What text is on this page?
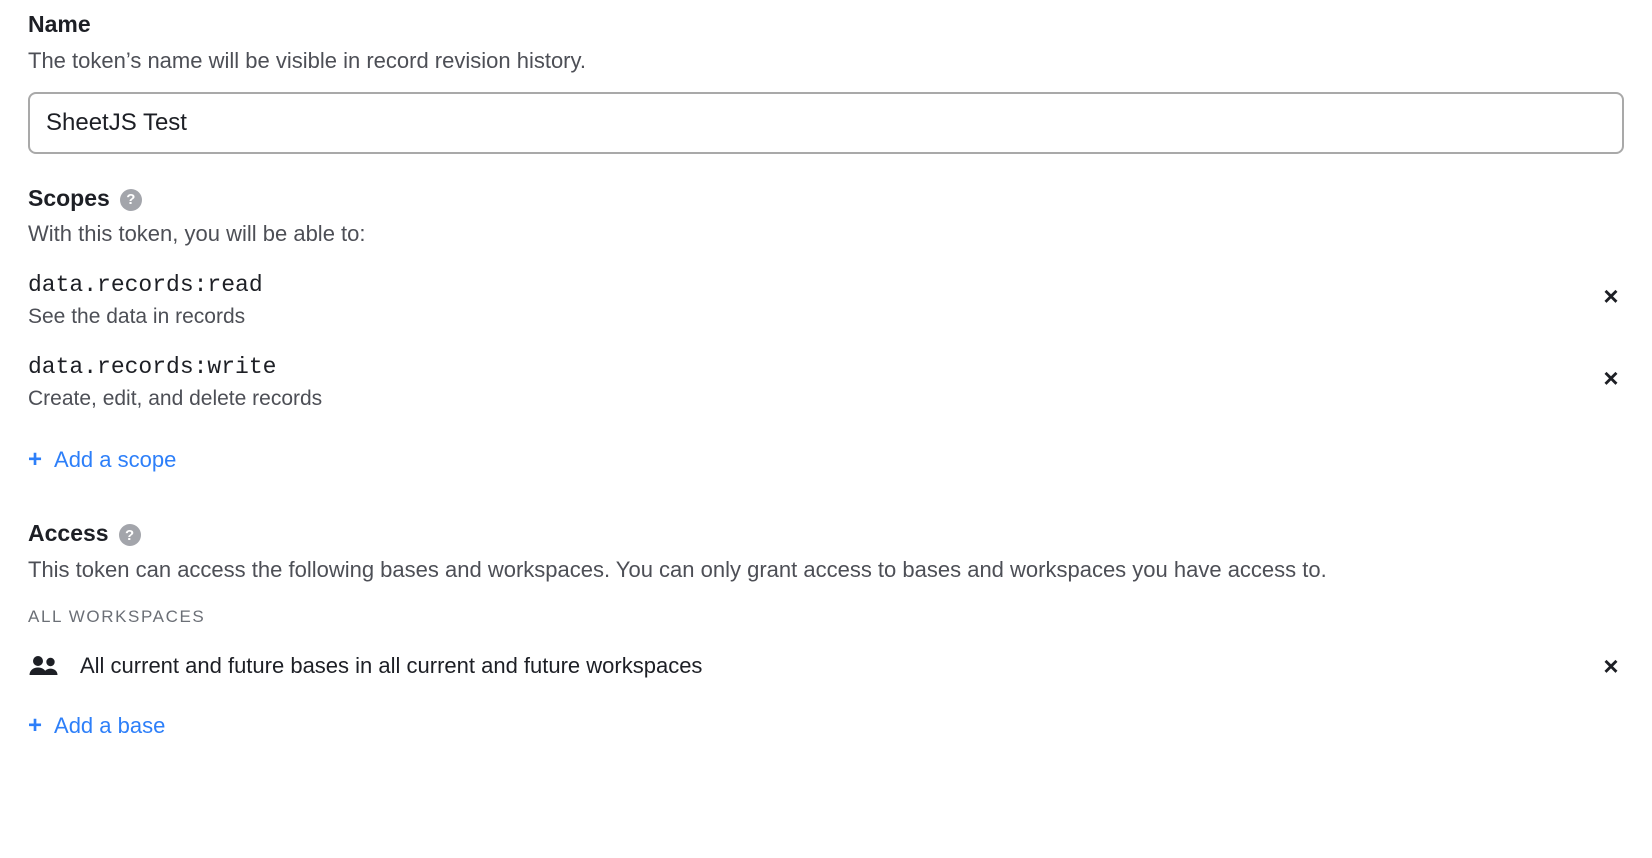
Name
The token’s name will be visible in record revision history.
SheetJS Test
Scopes	?
With this token, you will be able to:
data.records:read
See the data in records
×
data.records:write
Create, edit, and delete records
×
+ Add a scope
Access	?
This token can access the following bases and workspaces. You can only grant access to bases and workspaces you have access to.
ALL WORKSPACES
All current and future bases in all current and future workspaces	×
+ Add a base
